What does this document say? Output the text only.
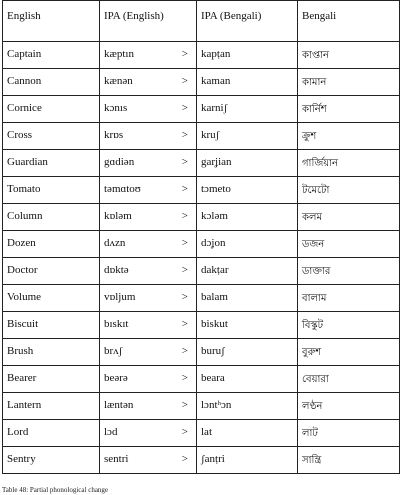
English	IPA (English)	IPA (Bengali)	Bengali
Captain	kæptın >	kapṭan	কাপ্তান
Cannon	kænən >	kaman	কামান
Cornice	kɔnıs >	karniʃ	কার্নিশ
Cross	krɒs >	kruʃ	ক্রুশ
Guardian	gɑdiən >	garʝian	গার্জিয়ান
Tomato	təmɑtoʊ >	tɔmeto	টমেটো
Column	kɒləm >	kɔləm	কলম
Dozen	dʌzn >	dɔʝon	ডজন
Doctor	dɒktə >	dakṭar	ডাক্তার
Volume	vɒljum >	balam	বালাম
Biscuit	bıskıt >	biskut	বিস্কুট
Brush	brʌʃ >	buruʃ	বুরুশ
Bearer	beərə >	beara	বেয়ারা
Lantern	læntən >	lɔntʰɔn	লণ্ঠন
Lord	lɔd >	lat	লাট
Sentry	sentri >	ʃanṭri	সান্ত্রি
Table 48: Partial phonological change
